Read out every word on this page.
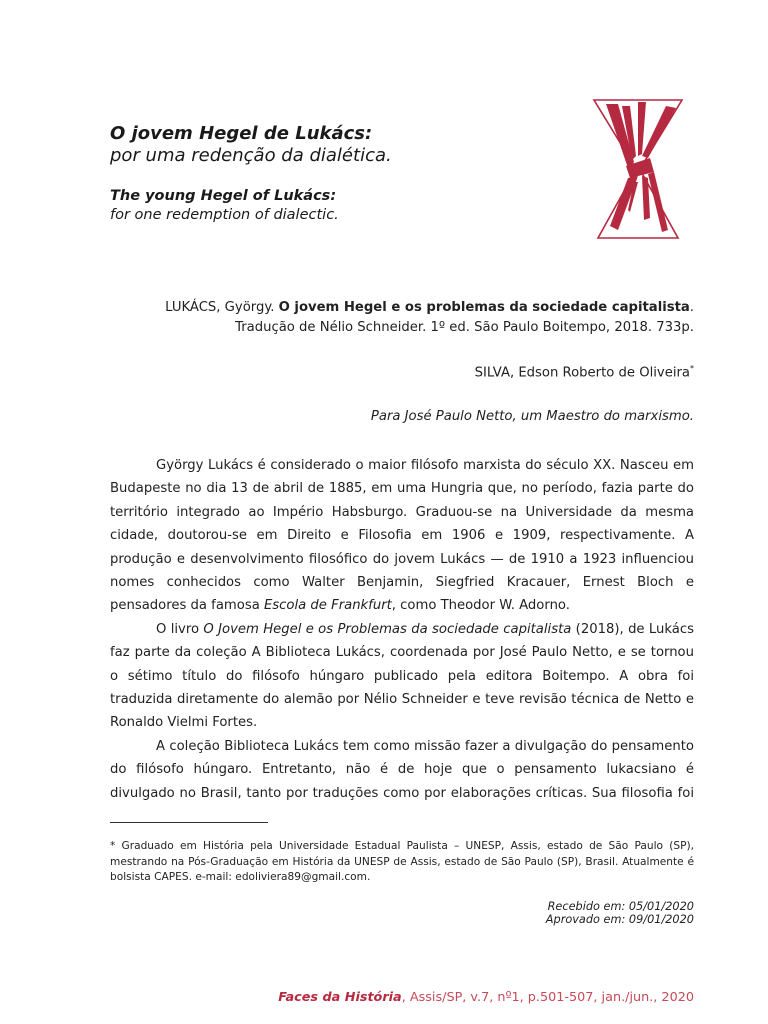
O jovem Hegel de Lukács:
por uma redenção da dialética.
The young Hegel of Lukács:
for one redemption of dialectic.
LUKÁCS, György. O jovem Hegel e os problemas da sociedade capitalista. Tradução de Nélio Schneider. 1º ed. São Paulo Boitempo, 2018. 733p.
SILVA, Edson Roberto de Oliveira*
Para José Paulo Netto, um Maestro do marxismo.

György Lukács é considerado o maior filósofo marxista do século XX. Nasceu em Budapeste no dia 13 de abril de 1885, em uma Hungria que, no período, fazia parte do território integrado ao Império Habsburgo. Graduou-se na Universidade da mesma cidade, doutorou-se em Direito e Filosofia em 1906 e 1909, respectivamente. A produção e desenvolvimento filosófico do jovem Lukács — de 1910 a 1923 influenciou nomes conhecidos como Walter Benjamin, Siegfried Kracauer, Ernest Bloch e pensadores da famosa Escola de Frankfurt, como Theodor W. Adorno.

O livro O Jovem Hegel e os Problemas da sociedade capitalista (2018), de Lukács faz parte da coleção A Biblioteca Lukács, coordenada por José Paulo Netto, e se tornou o sétimo título do filósofo húngaro publicado pela editora Boitempo. A obra foi traduzida diretamente do alemão por Nélio Schneider e teve revisão técnica de Netto e Ronaldo Vielmi Fortes.

A coleção Biblioteca Lukács tem como missão fazer a divulgação do pensamento do filósofo húngaro. Entretanto, não é de hoje que o pensamento lukacsiano é divulgado no Brasil, tanto por traduções como por elaborações críticas. Sua filosofia foi

* Graduado em História pela Universidade Estadual Paulista – UNESP, Assis, estado de São Paulo (SP), mestrando na Pós-Graduação em História da UNESP de Assis, estado de São Paulo (SP), Brasil. Atualmente é bolsista CAPES. e-mail: edoliviera89@gmail.com.
Recebido em: 05/01/2020
Aprovado em: 09/01/2020
Faces da História, Assis/SP, v.7, nº1, p.501-507, jan./jun., 2020
